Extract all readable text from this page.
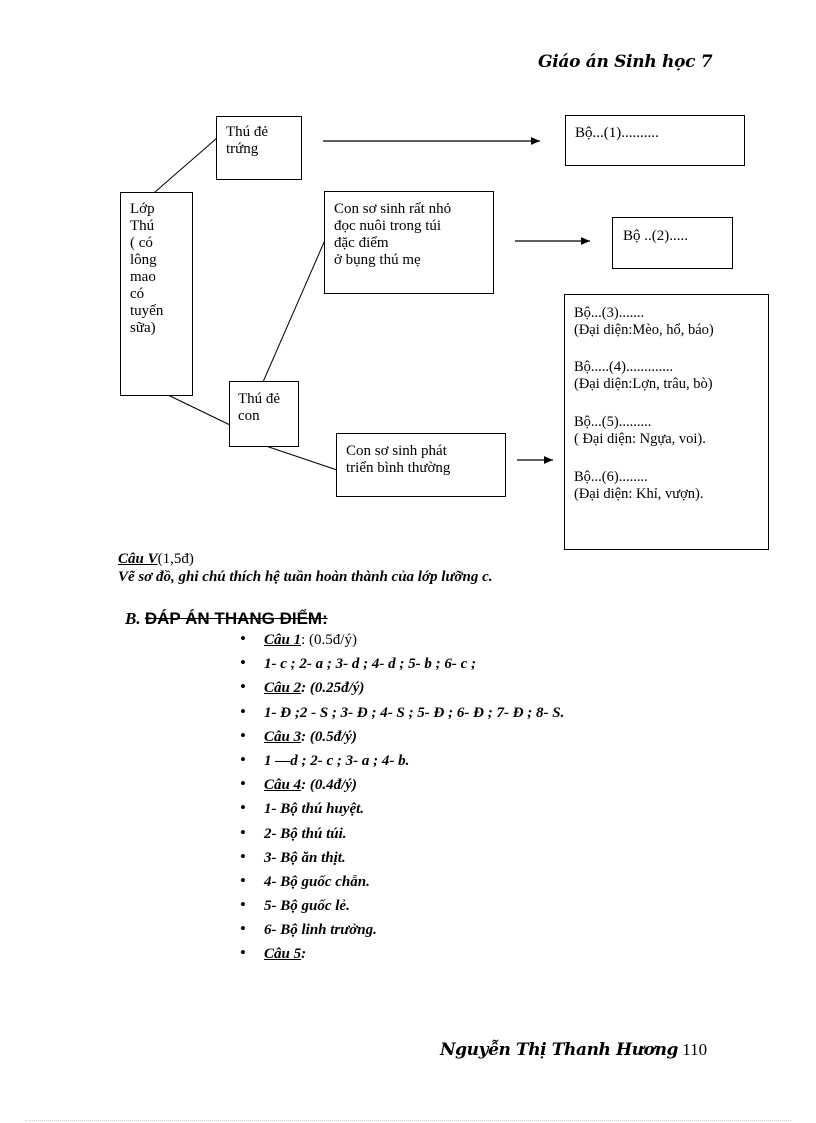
Giáo án Sinh học 7
Lớp
Thú
( có
lông
mao
có
tuyến
sữa)
Thú đẻ
trứng
Bộ...(1)..........
Con sơ sinh rất nhỏ
đọc nuôi trong túi
đặc điểm
ở bụng thú mẹ
Bộ ..(2).....
Thú đẻ
con
Con sơ sinh phát
triển bình thường
Bộ...(3).......
(Đại diện:Mèo, hổ, báo)
Bộ.....(4).............
(Đại diện:Lợn, trâu, bò)
Bộ...(5).........
( Đại diện: Ngựa, voi).
Bộ...(6)........
(Đại diện: Khỉ, vượn).
Câu V(1,5đ)
Vẽ sơ đồ, ghi chú thích hệ tuần hoàn thành của lớp lưỡng c.
B. ĐÁP ÁN THANG ĐIỂM:
• Câu 1: (0.5đ/ý)
• 1- c ; 2- a ; 3- d ; 4- d ; 5- b ; 6- c ;
• Câu 2: (0.25đ/ý)
• 1- Đ ;2 - S ; 3- Đ ; 4- S ; 5- Đ ; 6- Đ ; 7- Đ ; 8- S.
• Câu 3: (0.5đ/ý)
• 1 —d ; 2- c ; 3- a ; 4- b.
• Câu 4: (0.4đ/ý)
• 1- Bộ thú huyệt.
• 2- Bộ thú túi.
• 3- Bộ ăn thịt.
• 4- Bộ guốc chẵn.
• 5- Bộ guốc lẻ.
• 6- Bộ linh trưởng.
• Câu 5:
Nguyễn Thị Thanh Hương 110
